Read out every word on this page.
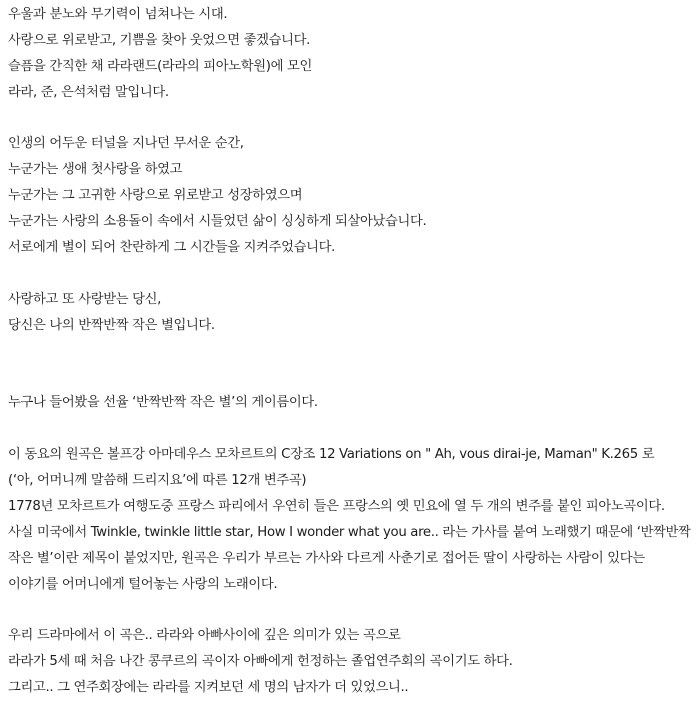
우울과 분노와 무기력이 넘쳐나는 시대.
사랑으로 위로받고, 기쁨을 찾아 웃었으면 좋겠습니다.
슬픔을 간직한 채 라라랜드(라라의 피아노학원)에 모인
라라, 준, 은석처럼 말입니다.
인생의 어두운 터널을 지나던 무서운 순간,
누군가는 생애 첫사랑을 하였고
누군가는 그 고귀한 사랑으로 위로받고 성장하였으며
누군가는 사랑의 소용돌이 속에서 시들었던 삶이 싱싱하게 되살아났습니다.
서로에게 별이 되어 찬란하게 그 시간들을 지켜주었습니다.
사랑하고 또 사랑받는 당신,
당신은 나의 반짝반짝 작은 별입니다.
누구나 들어봤을 선율 ‘반짝반짝 작은 별’의 게이름이다.
이 동요의 원곡은 볼프강 아마데우스 모차르트의 C장조 12 Variations on " Ah, vous dirai-je, Maman" K.265 로
(‘아, 어머니께 말씀해 드리지요’에 따른 12개 변주곡)
1778년 모차르트가 여행도중 프랑스 파리에서 우연히 들은 프랑스의 옛 민요에 열 두 개의 변주를 붙인 피아노곡이다.
사실 미국에서 Twinkle, twinkle little star, How I wonder what you are.. 라는 가사를 붙여 노래했기 때문에 ‘반짝반짝
작은 별’이란 제목이 붙었지만, 원곡은 우리가 부르는 가사와 다르게 사춘기로 접어든 딸이 사랑하는 사람이 있다는
이야기를 어머니에게 털어놓는 사랑의 노래이다.
우리 드라마에서 이 곡은.. 라라와 아빠사이에 깊은 의미가 있는 곡으로
라라가 5세 때 처음 나간 콩쿠르의 곡이자 아빠에게 헌정하는 졸업연주회의 곡이기도 하다.
그리고.. 그 연주회장에는 라라를 지켜보던 세 명의 남자가 더 있었으니..
